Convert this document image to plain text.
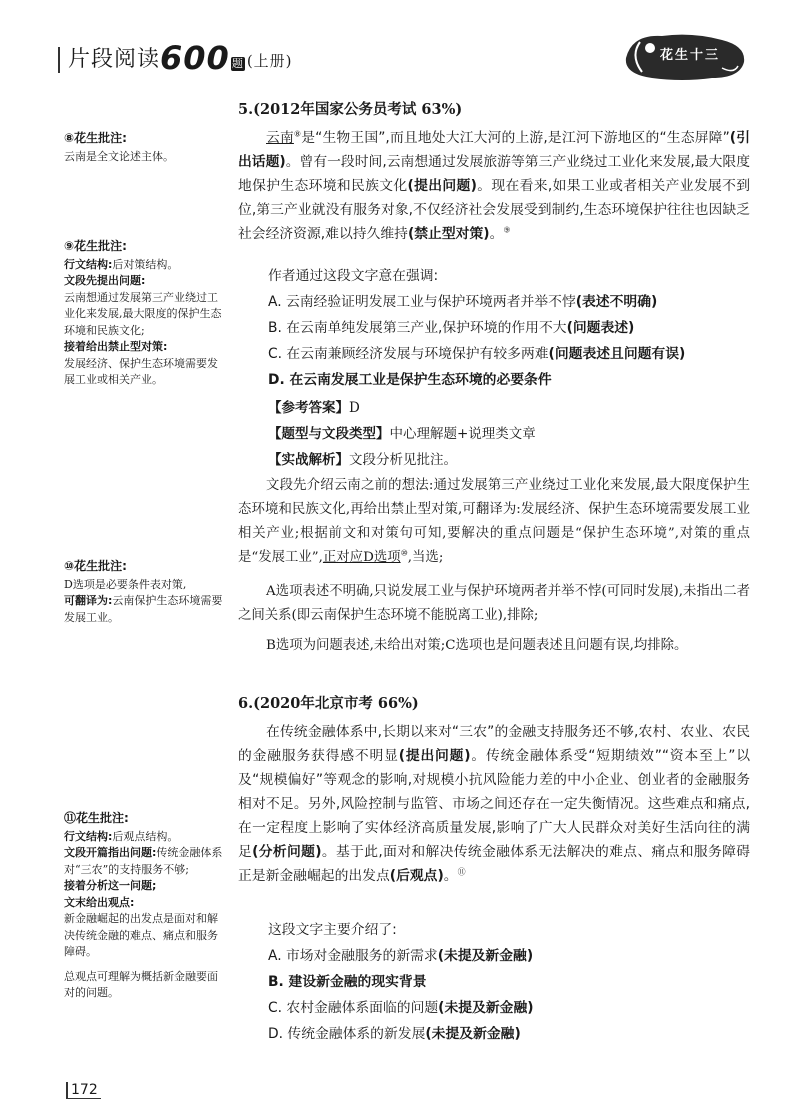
片段阅读 600 题 (上册)	花生十三
⑧花生批注:

云南是全文论述主体。

⑨花生批注:

行文结构:后对策结构。

文段先提出问题:

云南想通过发展第三产业绕过工业化来发展,最大限度的保护生态环境和民族文化;

接着给出禁止型对策:

发展经济、保护生态环境需要发展工业或相关产业。

⑩花生批注:

D选项是必要条件表对策,

可翻译为:云南保护生态环境需要发展工业。

⑪花生批注:

行文结构:后观点结构。

文段开篇指出问题:传统金融体系对“三农”的支持服务不够;

接着分析这一问题;

文末给出观点:

新金融崛起的出发点是面对和解决传统金融的难点、痛点和服务障碍。

总观点可理解为概括新金融要面对的问题。

5.(2012年国家公务员考试 63%)
云南⑧是“生物王国”,而且地处大江大河的上游,是江河下游地区的“生态屏障”(引出话题)。曾有一段时间,云南想通过发展旅游等第三产业绕过工业化来发展,最大限度地保护生态环境和民族文化(提出问题)。现在看来,如果工业或者相关产业发展不到位,第三产业就没有服务对象,不仅经济社会发展受到制约,生态环境保护往往也因缺乏社会经济资源,难以持久维持(禁止型对策)。⑨
作者通过这段文字意在强调:
A. 云南经验证明发展工业与保护环境两者并举不悖(表述不明确)
B. 在云南单纯发展第三产业,保护环境的作用不大(问题表述)
C. 在云南兼顾经济发展与环境保护有较多两难(问题表述且问题有误)
D. 在云南发展工业是保护生态环境的必要条件
【参考答案】D
【题型与文段类型】中心理解题+说理类文章
【实战解析】文段分析见批注。
文段先介绍云南之前的想法:通过发展第三产业绕过工业化来发展,最大限度保护生态环境和民族文化,再给出禁止型对策,可翻译为:发展经济、保护生态环境需要发展工业相关产业;根据前文和对策句可知,要解决的重点问题是“保护生态环境”,对策的重点是“发展工业”,正对应D选项⑩,当选;
A选项表述不明确,只说发展工业与保护环境两者并举不悖(可同时发展),未指出二者之间关系(即云南保护生态环境不能脱离工业),排除;
B选项为问题表述,未给出对策;C选项也是问题表述且问题有误,均排除。
6.(2020年北京市考 66%)
在传统金融体系中,长期以来对“三农”的金融支持服务还不够,农村、农业、农民的金融服务获得感不明显(提出问题)。传统金融体系受“短期绩效”“资本至上”以及“规模偏好”等观念的影响,对规模小抗风险能力差的中小企业、创业者的金融服务相对不足。另外,风险控制与监管、市场之间还存在一定失衡情况。这些难点和痛点,在一定程度上影响了实体经济高质量发展,影响了广大人民群众对美好生活向往的满足(分析问题)。基于此,面对和解决传统金融体系无法解决的难点、痛点和服务障碍正是新金融崛起的出发点(后观点)。⑪
这段文字主要介绍了:
A. 市场对金融服务的新需求(未提及新金融)
B. 建设新金融的现实背景
C. 农村金融体系面临的问题(未提及新金融)
D. 传统金融体系的新发展(未提及新金融)
172
